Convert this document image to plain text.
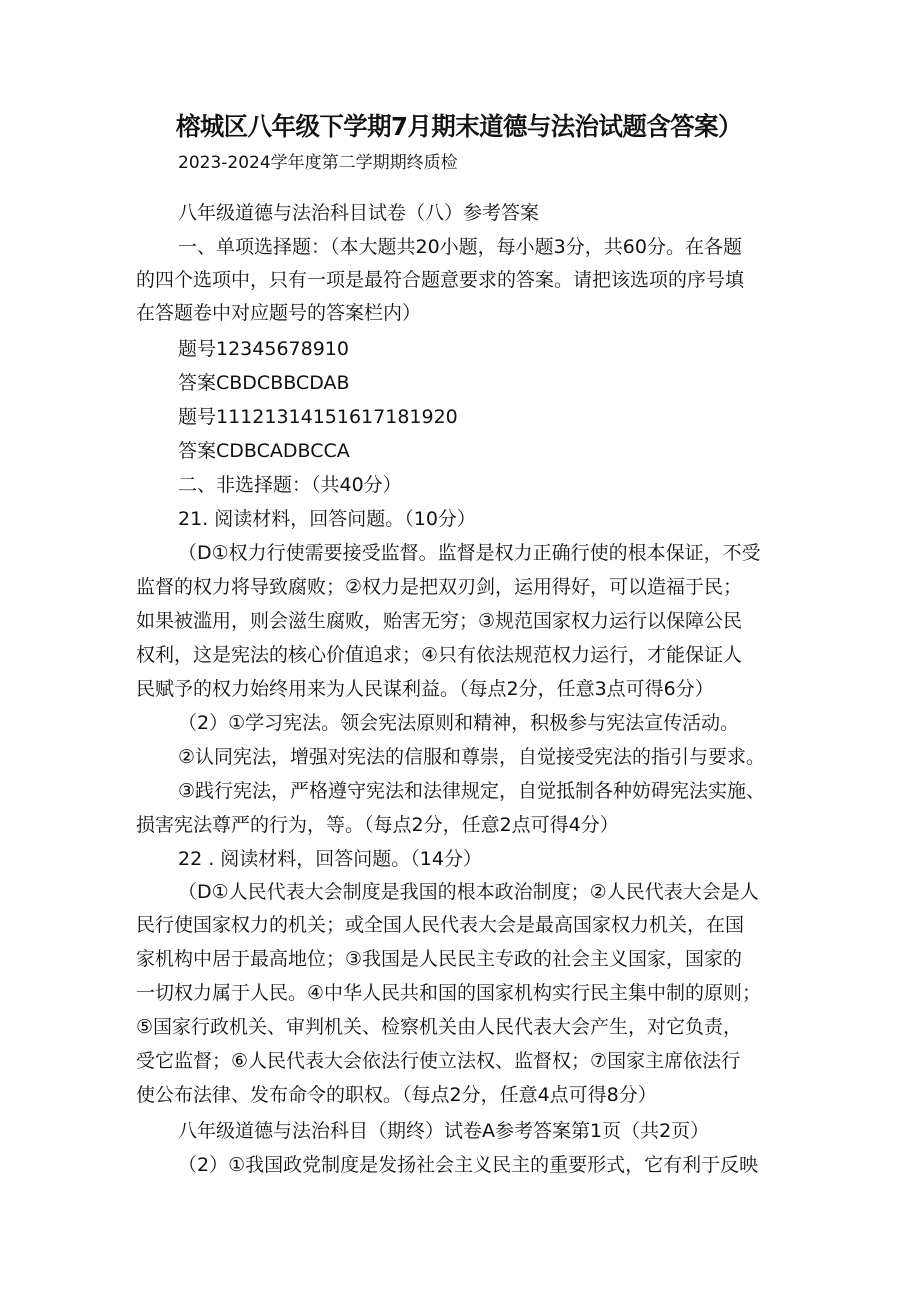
榕城区八年级下学期7月期末道德与法治试题含答案）
2023-2024学年度第二学期期终质检
八年级道德与法治科目试卷（八）参考答案
一、单项选择题：（本大题共20小题，每小题3分，共60分。在各题
的四个选项中，只有一项是最符合题意要求的答案。请把该选项的序号填
在答题卷中对应题号的答案栏内）
题号12345678910
答案CBDCBBCDAB
题号11121314151617181920
答案CDBCADBCCA
二、非选择题：（共40分）
21. 阅读材料，回答问题。（10分）
（D①权力行使需要接受监督。监督是权力正确行使的根本保证，不受
监督的权力将导致腐败；②权力是把双刃剑，运用得好，可以造福于民；
如果被滥用，则会滋生腐败，贻害无穷；③规范国家权力运行以保障公民
权利，这是宪法的核心价值追求；④只有依法规范权力运行，才能保证人
民赋予的权力始终用来为人民谋利益。（每点2分，任意3点可得6分）
（2）①学习宪法。领会宪法原则和精神，积极参与宪法宣传活动。
②认同宪法，增强对宪法的信服和尊崇，自觉接受宪法的指引与要求。
③践行宪法，严格遵守宪法和法律规定，自觉抵制各种妨碍宪法实施、
损害宪法尊严的行为，等。（每点2分，任意2点可得4分）
22 . 阅读材料，回答问题。（14分）
（D①人民代表大会制度是我国的根本政治制度；②人民代表大会是人
民行使国家权力的机关；或全国人民代表大会是最高国家权力机关，在国
家机构中居于最高地位；③我国是人民民主专政的社会主义国家，国家的
一切权力属于人民。④中华人民共和国的国家机构实行民主集中制的原则；
⑤国家行政机关、审判机关、检察机关由人民代表大会产生，对它负责，
受它监督；⑥人民代表大会依法行使立法权、监督权；⑦国家主席依法行
使公布法律、发布命令的职权。（每点2分，任意4点可得8分）
八年级道德与法治科目（期终）试卷A参考答案第1页（共2页）
（2）①我国政党制度是发扬社会主义民主的重要形式，它有利于反映
